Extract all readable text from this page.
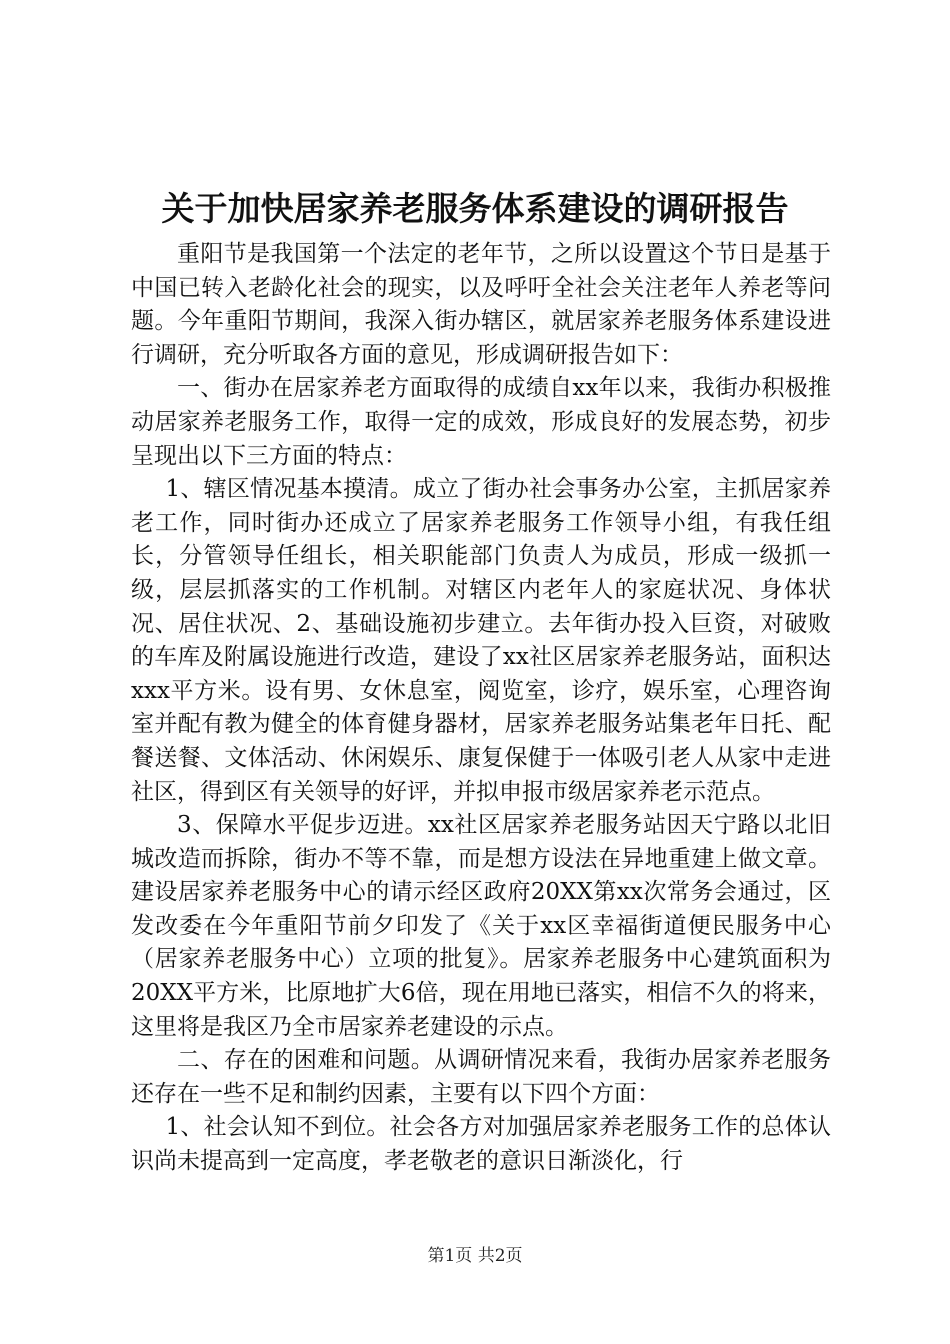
关于加快居家养老服务体系建设的调研报告

重阳节是我国第一个法定的老年节，之所以设置这个节日是基于中国已转入老龄化社会的现实，以及呼吁全社会关注老年人养老等问题。今年重阳节期间，我深入街办辖区，就居家养老服务体系建设进行调研，充分听取各方面的意见，形成调研报告如下：

一、街办在居家养老方面取得的成绩自xx年以来，我街办积极推动居家养老服务工作，取得一定的成效，形成良好的发展态势，初步呈现出以下三方面的特点：

1、辖区情况基本摸清。成立了街办社会事务办公室，主抓居家养老工作，同时街办还成立了居家养老服务工作领导小组，有我任组长，分管领导任组长，相关职能部门负责人为成员，形成一级抓一级，层层抓落实的工作机制。对辖区内老年人的家庭状况、身体状况、居住状况、2、基础设施初步建立。去年街办投入巨资，对破败的车库及附属设施进行改造，建设了xx社区居家养老服务站，面积达xxx平方米。设有男、女休息室，阅览室，诊疗，娱乐室，心理咨询室并配有教为健全的体育健身器材，居家养老服务站集老年日托、配餐送餐、文体活动、休闲娱乐、康复保健于一体吸引老人从家中走进社区，得到区有关领导的好评，并拟申报市级居家养老示范点。

3、保障水平促步迈进。xx社区居家养老服务站因天宁路以北旧城改造而拆除，街办不等不靠，而是想方设法在异地重建上做文章。建设居家养老服务中心的请示经区政府20XX第xx次常务会通过，区发改委在今年重阳节前夕印发了《关于xx区幸福街道便民服务中心（居家养老服务中心）立项的批复》。居家养老服务中心建筑面积为20XX平方米，比原地扩大6倍，现在用地已落实，相信不久的将来，这里将是我区乃全市居家养老建设的示点。

二、存在的困难和问题。从调研情况来看，我街办居家养老服务还存在一些不足和制约因素，主要有以下四个方面：

1、社会认知不到位。社会各方对加强居家养老服务工作的总体认识尚未提高到一定高度，孝老敬老的意识日渐淡化，行

第1页 共2页
